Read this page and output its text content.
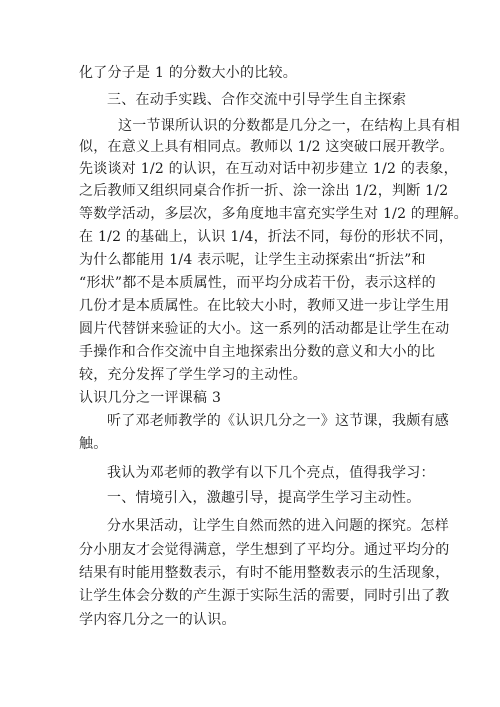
化了分子是 1 的分数大小的比较。
三、在动手实践、合作交流中引导学生自主探索
这一节课所认识的分数都是几分之一，在结构上具有相
似，在意义上具有相同点。教师以 1/2 这突破口展开教学。
先谈谈对 1/2 的认识，在互动对话中初步建立 1/2 的表象，
之后教师又组织同桌合作折一折、涂一涂出 1/2，判断 1/2
等数学活动，多层次，多角度地丰富充实学生对 1/2 的理解。
在 1/2 的基础上，认识 1/4，折法不同，每份的形状不同，
为什么都能用 1/4 表示呢，让学生主动探索出“折法”和
“形状”都不是本质属性，而平均分成若干份，表示这样的
几份才是本质属性。在比较大小时，教师又进一步让学生用
圆片代替饼来验证的大小。这一系列的活动都是让学生在动
手操作和合作交流中自主地探索出分数的意义和大小的比
较，充分发挥了学生学习的主动性。
认识几分之一评课稿 3
听了邓老师教学的《认识几分之一》这节课，我颇有感
触。
我认为邓老师的教学有以下几个亮点，值得我学习：
一、情境引入，激趣引导，提高学生学习主动性。
分水果活动，让学生自然而然的进入问题的探究。怎样
分小朋友才会觉得满意，学生想到了平均分。通过平均分的
结果有时能用整数表示，有时不能用整数表示的生活现象，
让学生体会分数的产生源于实际生活的需要，同时引出了教
学内容几分之一的认识。
